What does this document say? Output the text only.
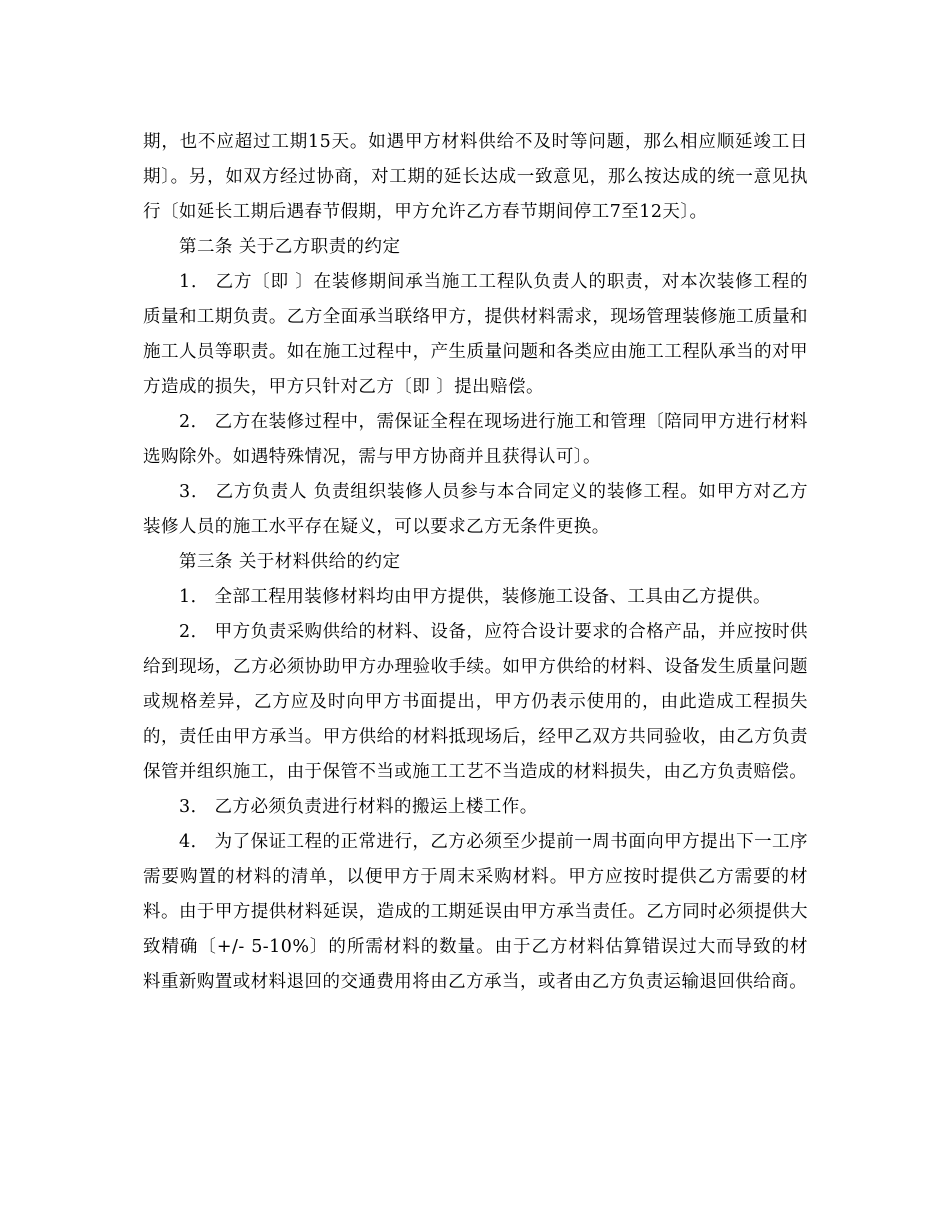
期，也不应超过工期15天。如遇甲方材料供给不及时等问题，那么相应顺延竣工日期〕。另，如双方经过协商，对工期的延长达成一致意见，那么按达成的统一意见执行〔如延长工期后遇春节假期，甲方允许乙方春节期间停工7至12天〕。

第二条 关于乙方职责的约定

1． 乙方〔即 〕在装修期间承当施工工程队负责人的职责，对本次装修工程的质量和工期负责。乙方全面承当联络甲方，提供材料需求，现场管理装修施工质量和施工人员等职责。如在施工过程中，产生质量问题和各类应由施工工程队承当的对甲方造成的损失，甲方只针对乙方〔即 〕提出赔偿。

2． 乙方在装修过程中，需保证全程在现场进行施工和管理〔陪同甲方进行材料选购除外。如遇特殊情况，需与甲方协商并且获得认可〕。

3． 乙方负责人 负责组织装修人员参与本合同定义的装修工程。如甲方对乙方装修人员的施工水平存在疑义，可以要求乙方无条件更换。

第三条 关于材料供给的约定

1． 全部工程用装修材料均由甲方提供，装修施工设备、工具由乙方提供。

2． 甲方负责采购供给的材料、设备，应符合设计要求的合格产品，并应按时供给到现场，乙方必须协助甲方办理验收手续。如甲方供给的材料、设备发生质量问题或规格差异，乙方应及时向甲方书面提出，甲方仍表示使用的，由此造成工程损失的，责任由甲方承当。甲方供给的材料抵现场后，经甲乙双方共同验收，由乙方负责保管并组织施工，由于保管不当或施工工艺不当造成的材料损失，由乙方负责赔偿。

3． 乙方必须负责进行材料的搬运上楼工作。

4． 为了保证工程的正常进行，乙方必须至少提前一周书面向甲方提出下一工序需要购置的材料的清单，以便甲方于周末采购材料。甲方应按时提供乙方需要的材料。由于甲方提供材料延误，造成的工期延误由甲方承当责任。乙方同时必须提供大致精确〔+/- 5-10%〕的所需材料的数量。由于乙方材料估算错误过大而导致的材料重新购置或材料退回的交通费用将由乙方承当，或者由乙方负责运输退回供给商。
